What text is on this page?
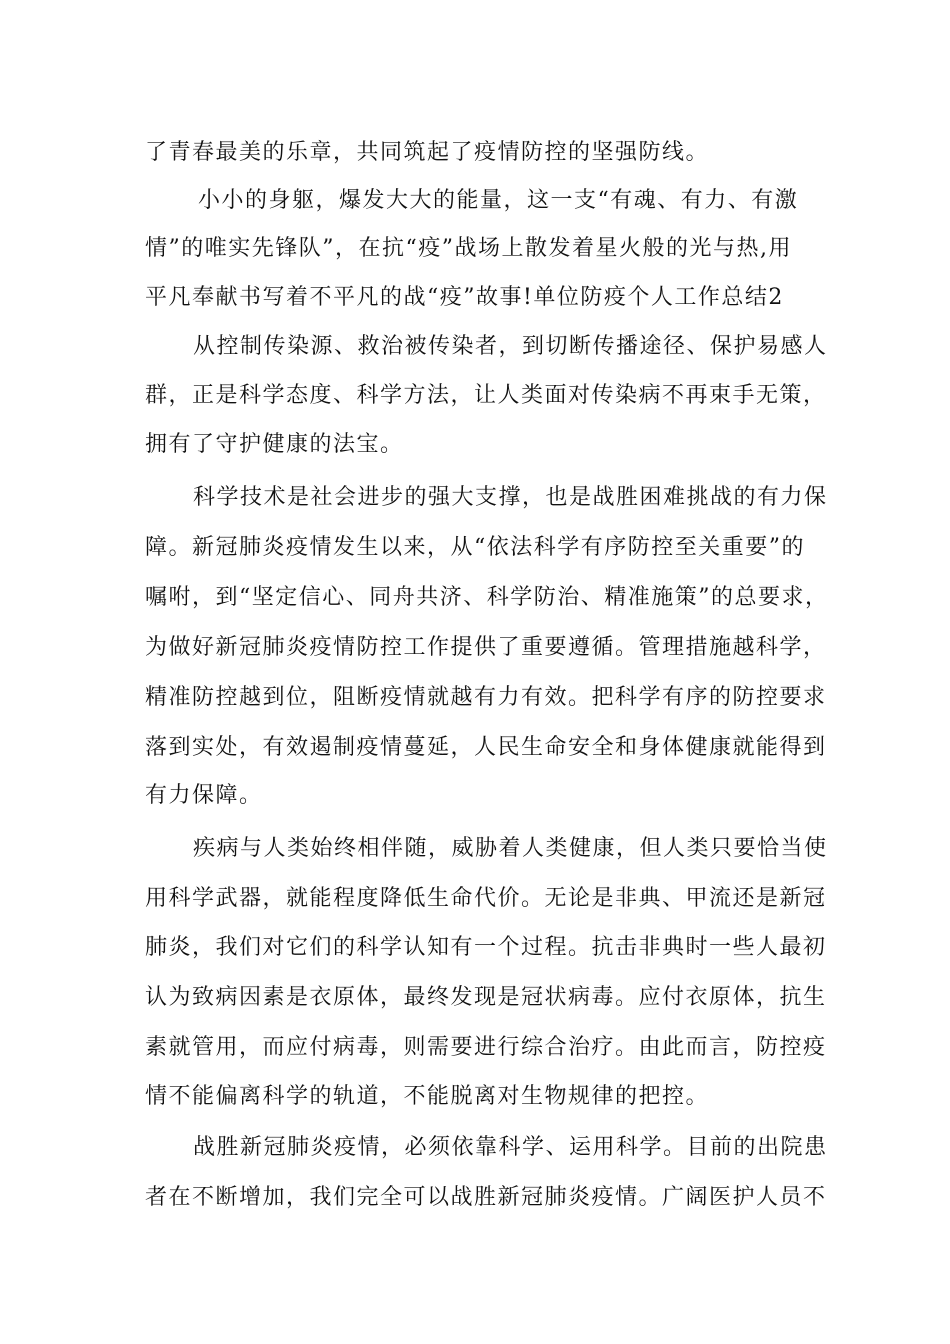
了青春最美的乐章，共同筑起了疫情防控的坚强防线。
小小的身躯，爆发大大的能量，这一支“有魂、有力、有激
情”的唯实先锋队”，在抗“疫”战场上散发着星火般的光与热,用
平凡奉献书写着不平凡的战“疫”故事!单位防疫个人工作总结2
从控制传染源、救治被传染者，到切断传播途径、保护易感人
群，正是科学态度、科学方法，让人类面对传染病不再束手无策，
拥有了守护健康的法宝。
科学技术是社会进步的强大支撑，也是战胜困难挑战的有力保
障。新冠肺炎疫情发生以来，从“依法科学有序防控至关重要”的
嘱咐，到“坚定信心、同舟共济、科学防治、精准施策”的总要求，
为做好新冠肺炎疫情防控工作提供了重要遵循。管理措施越科学，
精准防控越到位，阻断疫情就越有力有效。把科学有序的防控要求
落到实处，有效遏制疫情蔓延，人民生命安全和身体健康就能得到
有力保障。
疾病与人类始终相伴随，威胁着人类健康，但人类只要恰当使
用科学武器，就能程度降低生命代价。无论是非典、甲流还是新冠
肺炎，我们对它们的科学认知有一个过程。抗击非典时一些人最初
认为致病因素是衣原体，最终发现是冠状病毒。应付衣原体，抗生
素就管用，而应付病毒，则需要进行综合治疗。由此而言，防控疫
情不能偏离科学的轨道，不能脱离对生物规律的把控。
战胜新冠肺炎疫情，必须依靠科学、运用科学。目前的出院患
者在不断增加，我们完全可以战胜新冠肺炎疫情。广阔医护人员不
